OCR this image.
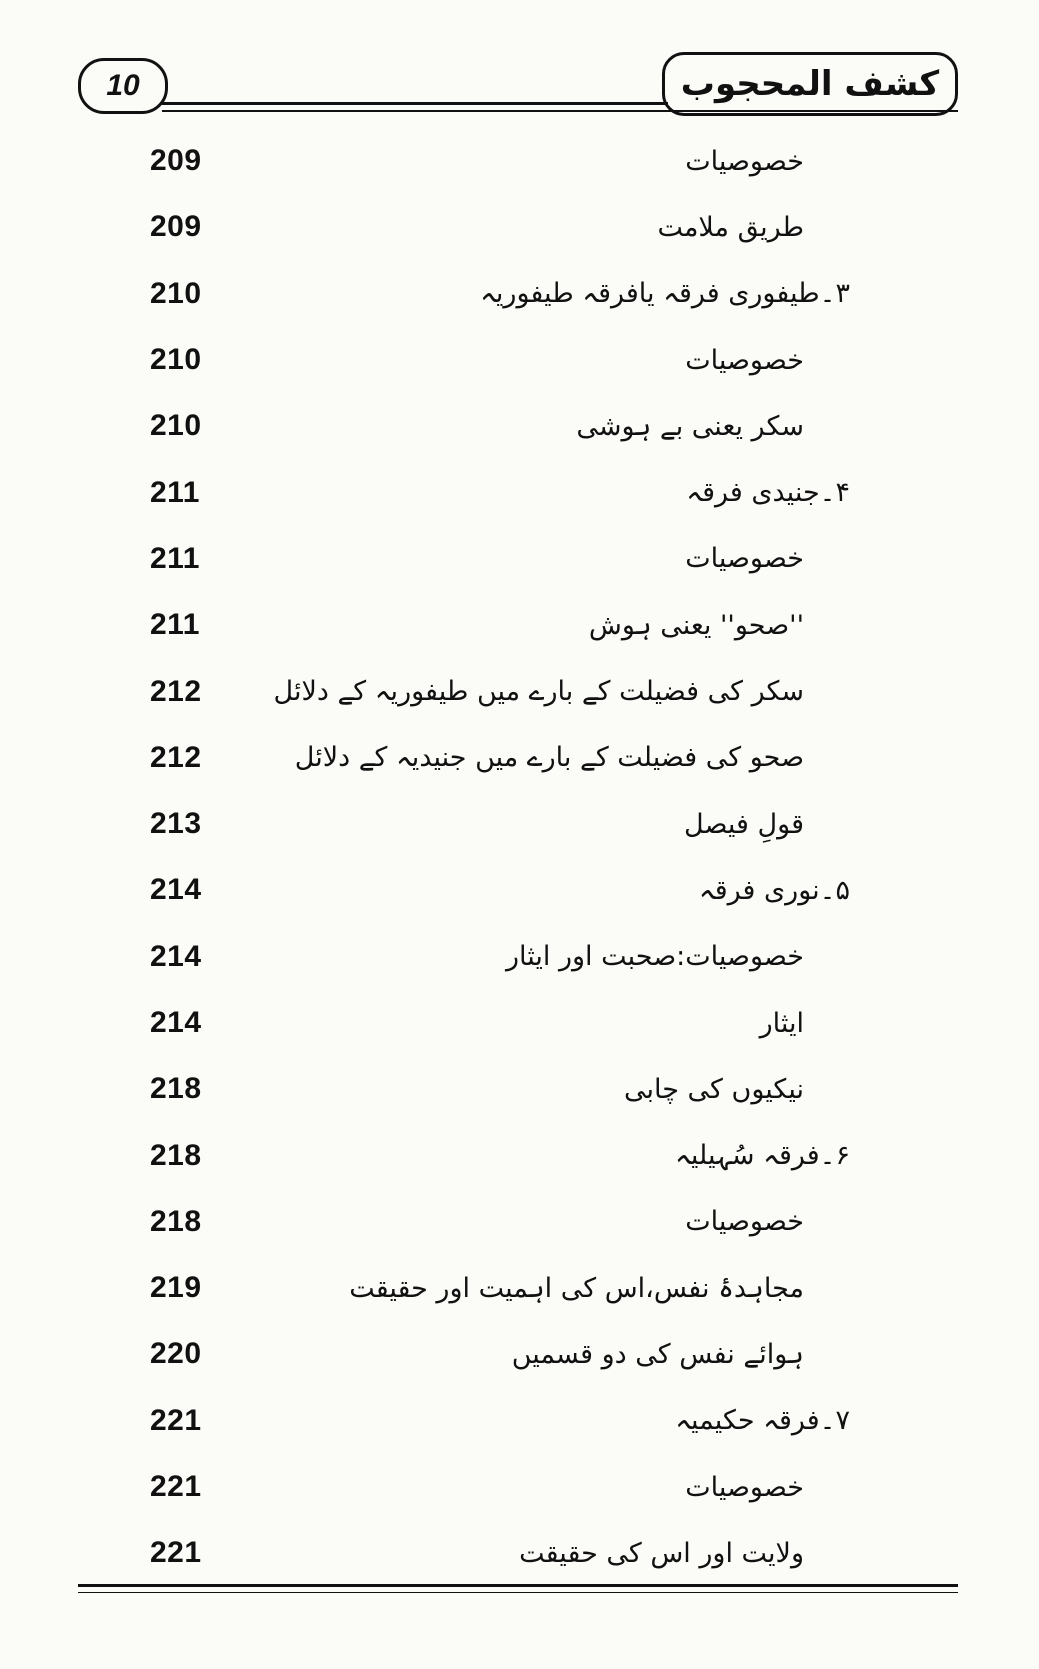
10	کشف المحجوب
209	خصوصیات
209	طریق ملامت
210	۳۔طیفوری فرقہ یافرقہ طیفوریہ
210	خصوصیات
210	سکر یعنی بے ہوشی
211	۴۔جنیدی فرقہ
211	خصوصیات
211	''صحو'' یعنی ہوش
212	سکر کی فضیلت کے بارے میں طیفوریہ کے دلائل
212	صحو کی فضیلت کے بارے میں جنیدیہ کے دلائل
213	قولِ فیصل
214	۵۔نوری فرقہ
214	خصوصیات:صحبت اور ایثار
214	ایثار
218	نیکیوں کی چابی
218	۶۔فرقہ سُہیلیہ
218	خصوصیات
219	مجاہدۂ نفس،اس کی اہمیت اور حقیقت
220	ہوائے نفس کی دو قسمیں
221	۷۔فرقہ حکیمیہ
221	خصوصیات
221	ولایت اور اس کی حقیقت
